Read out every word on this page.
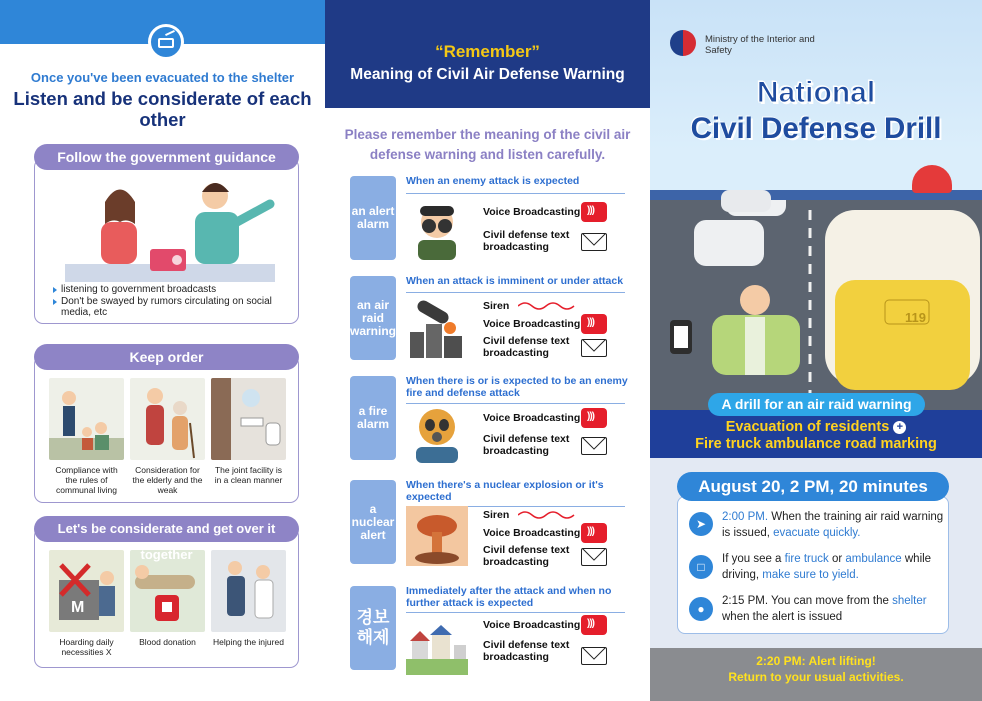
Once you've been evacuated to the shelter
Listen and be considerate of each other
listening to government broadcasts
Don't be swayed by rumors circulating on social media, etc
Follow the government guidance
Compliance with the rules of communal living
Consideration for the elderly and the weak
The joint facility is in a clean manner
Keep order
M
Hoarding daily necessities X
Blood donation	Helping the injured
Let's be considerate and get over it together
“Remember”
Meaning of Civil Air Defense Warning
Please remember the meaning of the civil air defense warning and listen carefully.
an alert alarm
When an enemy attack is expected
Voice Broadcasting
)))
Civil defense text broadcasting
an air raid warning
When an attack is imminent or under attack
Siren
Voice Broadcasting
)))
Civil defense text broadcasting
a fire alarm
When there is or is expected to be an enemy fire and defense attack
Voice Broadcasting
)))
Civil defense text broadcasting
a nuclear alert
When there's a nuclear explosion or it's expected
Siren
Voice Broadcasting
)))
Civil defense text broadcasting
경보 해제
Immediately after the attack and when no further attack is expected
Voice Broadcasting
)))
Civil defense text broadcasting
119
Ministry of the Interior and Safety
National
Civil Defense Drill
A drill for an air raid warning
Evacuation of residents +
Fire truck ambulance road marking
August 20, 2 PM, 20 minutes
➤	2:00 PM. When the training air raid warning is issued, evacuate quickly.
□
If you see a fire truck or ambulance while driving, make sure to yield.
●
2:15 PM. You can move from the shelter when the alert is issued
2:20 PM: Alert lifting!
Return to your usual activities.
